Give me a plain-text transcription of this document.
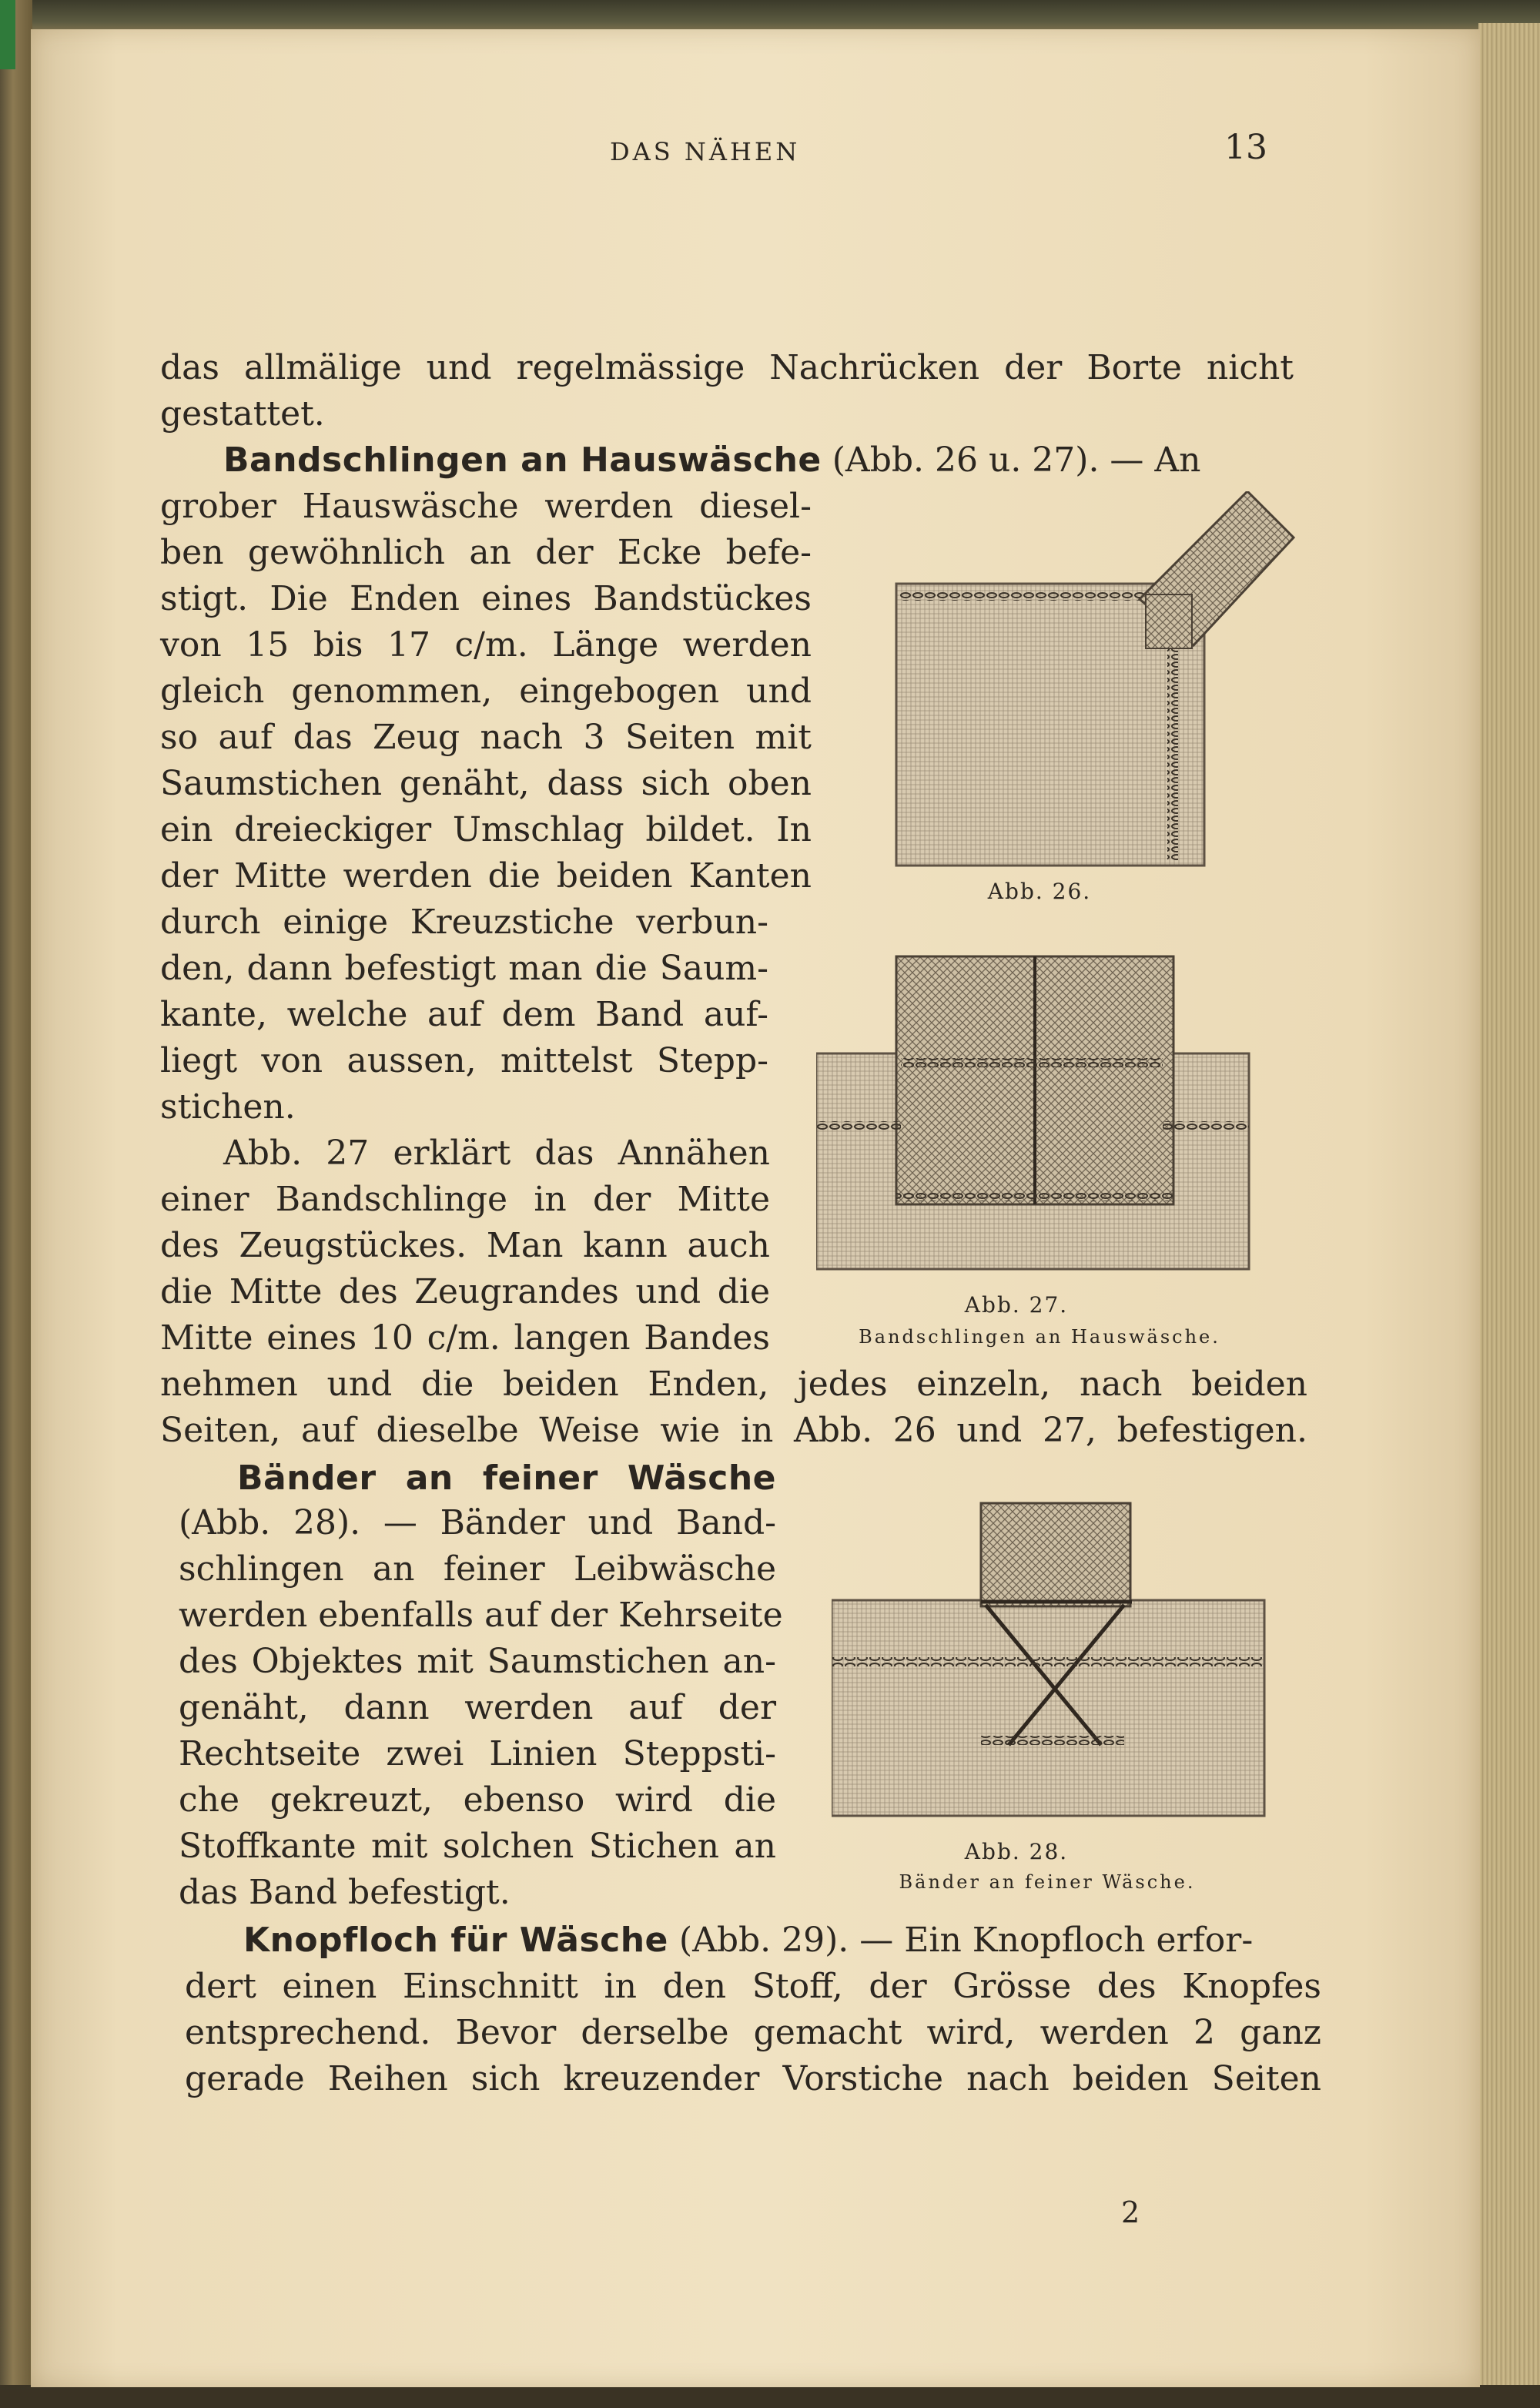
DAS NÄHEN	13
das allmälige und regelmässige Nachrücken der Borte nicht
gestattet.
Bandschlingen an Hauswäsche (Abb. 26 u. 27). — An
grober Hauswäsche werden diesel-
ben gewöhnlich an der Ecke befe-
stigt. Die Enden eines Bandstückes
von 15 bis 17 c/m. Länge werden
gleich genommen, eingebogen und
so auf das Zeug nach 3 Seiten mit
Saumstichen genäht, dass sich oben
ein dreieckiger Umschlag bildet. In
der Mitte werden die beiden Kanten
durch einige Kreuzstiche verbun-
den, dann befestigt man die Saum-
kante, welche auf dem Band auf-
liegt von aussen, mittelst Stepp-
stichen.
Abb. 27 erklärt das Annähen
einer Bandschlinge in der Mitte
des Zeugstückes. Man kann auch
die Mitte des Zeugrandes und die
Mitte eines 10 c/m. langen Bandes
nehmen und die beiden Enden, jedes einzeln, nach beiden
Seiten, auf dieselbe Weise wie in Abb. 26 und 27, befestigen.
Bänder an feiner Wäsche
(Abb. 28). — Bänder und Band-
schlingen an feiner Leibwäsche
werden ebenfalls auf der Kehrseite
des Objektes mit Saumstichen an-
genäht, dann werden auf der
Rechtseite zwei Linien Steppsti-
che gekreuzt, ebenso wird die
Stoffkante mit solchen Stichen an
das Band befestigt.
Knopfloch für Wäsche (Abb. 29). — Ein Knopfloch erfor-
dert einen Einschnitt in den Stoff, der Grösse des Knopfes
entsprechend. Bevor derselbe gemacht wird, werden 2 ganz
gerade Reihen sich kreuzender Vorstiche nach beiden Seiten
2
Abb. 26.
Abb. 27.
Bandschlingen an Hauswäsche.
Abb. 28.
Bänder an feiner Wäsche.
